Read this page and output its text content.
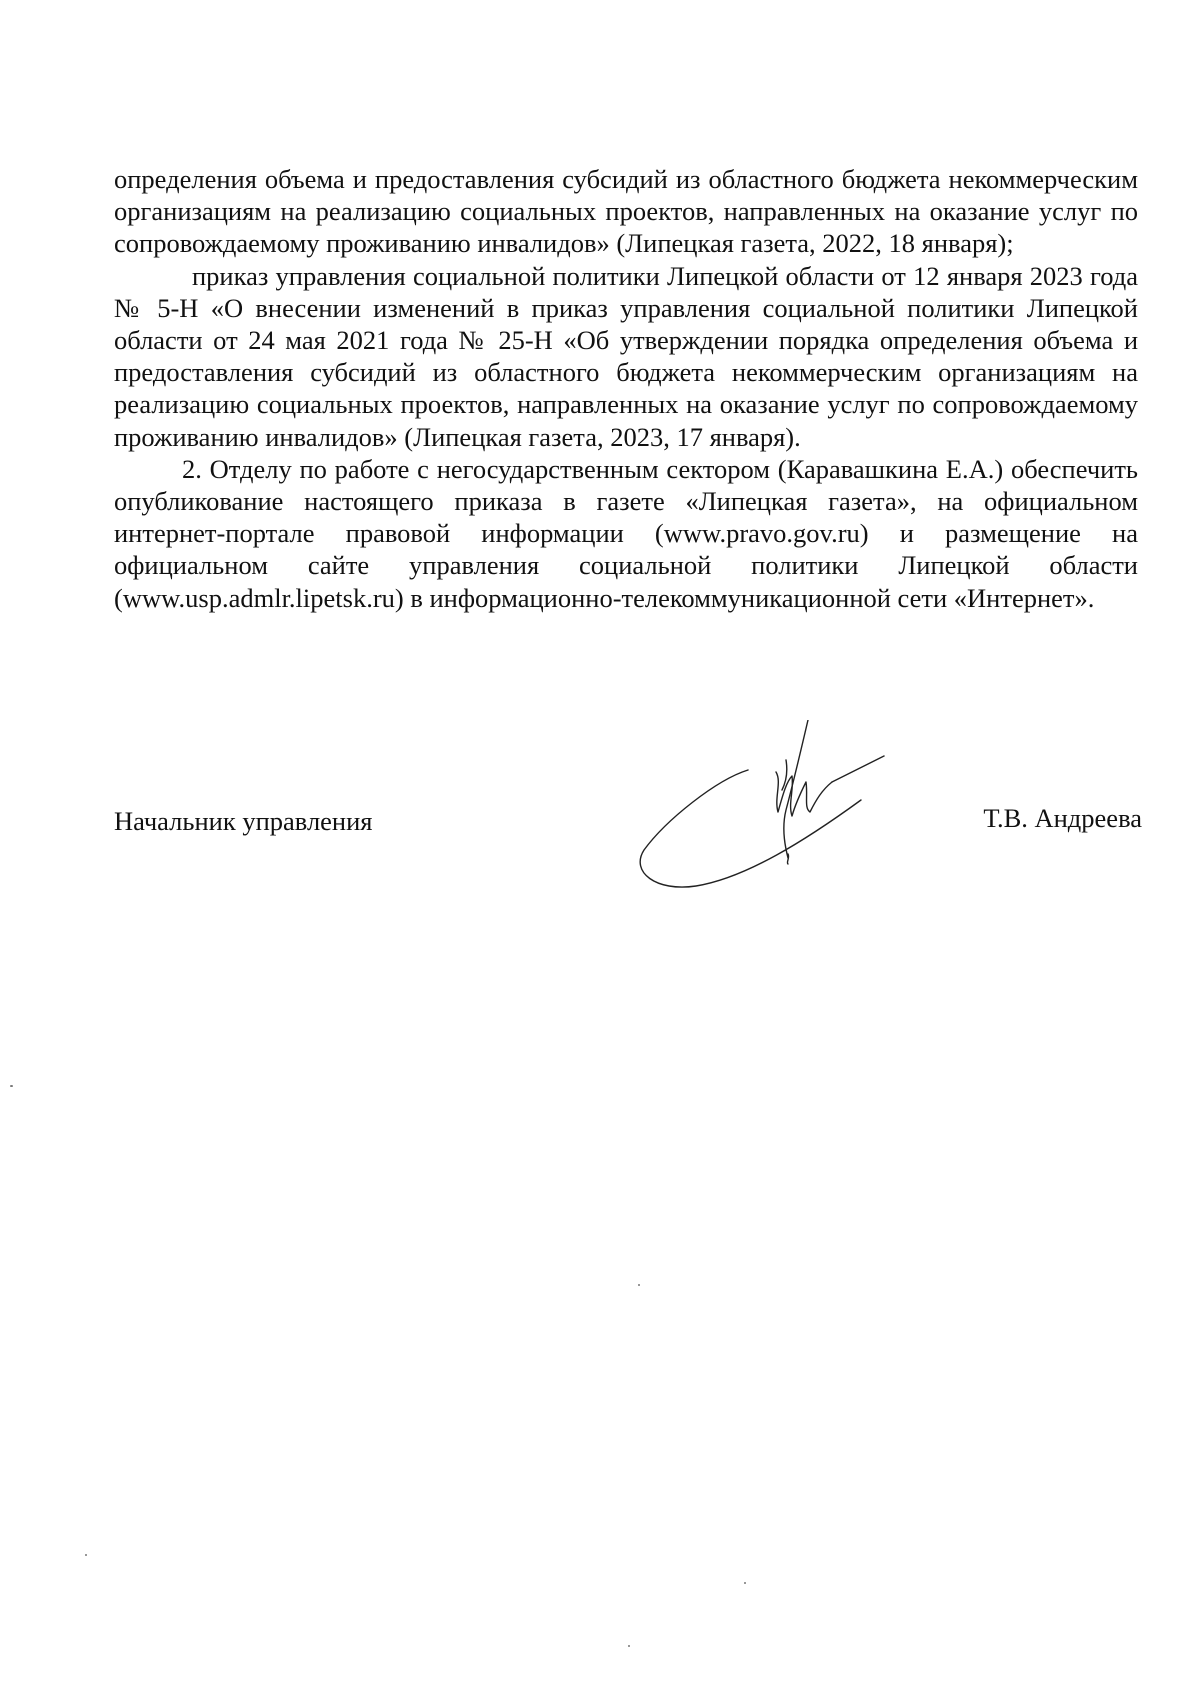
определения объема и предоставления субсидий из областного бюджета некоммерческим организациям на реализацию социальных проектов, направленных на оказание услуг по сопровождаемому проживанию инвалидов» (Липецкая газета, 2022, 18 января);

приказ управления социальной политики Липецкой области от 12 января 2023 года № 5-Н «О внесении изменений в приказ управления социальной политики Липецкой области от 24 мая 2021 года № 25-Н «Об утверждении порядка определения объема и предоставления субсидий из областного бюджета некоммерческим организациям на реализацию социальных проектов, направленных на оказание услуг по сопровождаемому проживанию инвалидов» (Липецкая газета, 2023, 17 января).

2. Отделу по работе с негосударственным сектором (Каравашкина Е.А.) обеспечить опубликование настоящего приказа в газете «Липецкая газета», на официальном интернет-портале правовой информации (www.pravo.gov.ru) и размещение на официальном сайте управления социальной политики Липецкой области (www.usp.admlr.lipetsk.ru) в информационно-телекоммуникационной сети «Интернет».

Начальник управления	Т.В. Андреева
